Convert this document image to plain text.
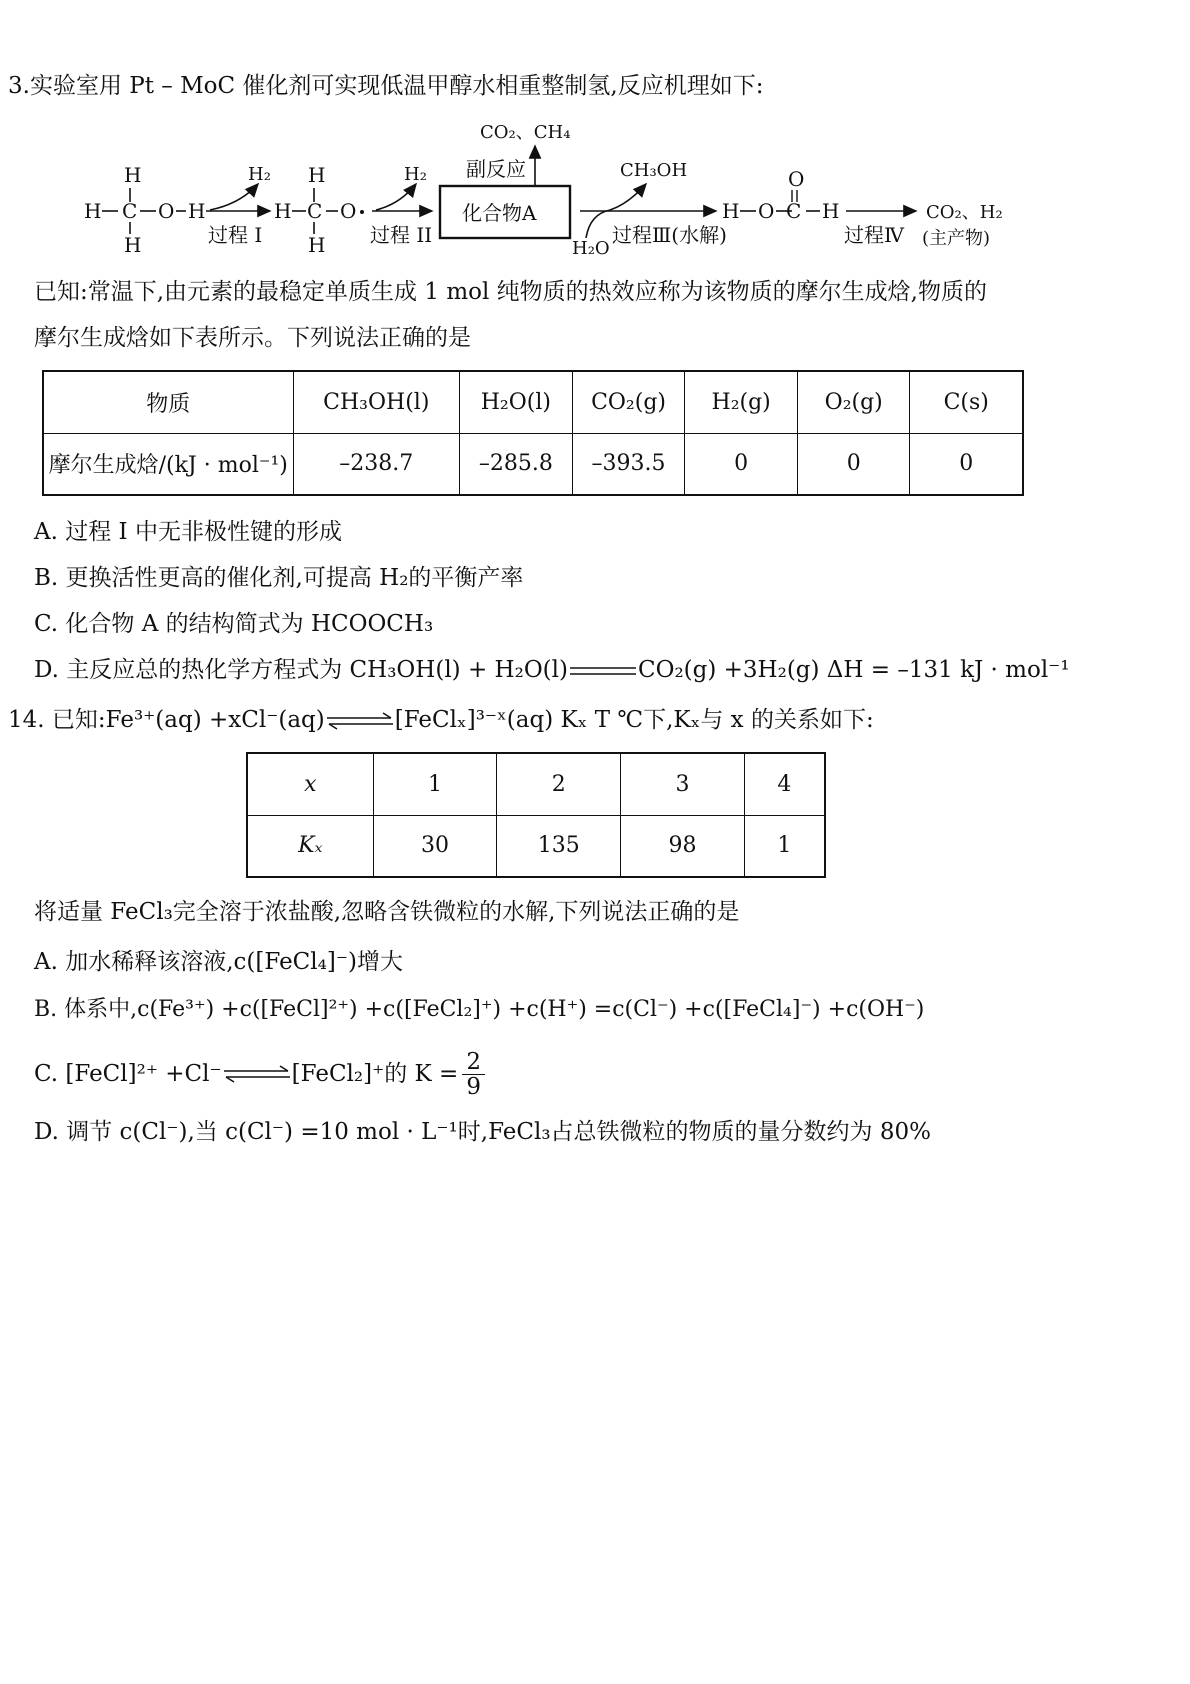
3.实验室用 Pt – MoC 催化剂可实现低温甲醇水相重整制氢,反应机理如下:
H
H C O H
H
H₂
过程 I
H
H
C O
H
H₂
过程 II
化合物A
CO₂、CH₄
副反应	CH₃OH
H₂O
过程Ⅲ(水解)
H O
O
C H
过程Ⅳ
CO₂、H₂
(主产物)
已知:常温下,由元素的最稳定单质生成 1 mol 纯物质的热效应称为该物质的摩尔生成焓,物质的
摩尔生成焓如下表所示。下列说法正确的是
物质	CH₃OH(l)	H₂O(l)	CO₂(g)	H₂(g)	O₂(g)	C(s)
摩尔生成焓/(kJ · mol⁻¹)	–238.7	–285.8	–393.5	0	0	0
A. 过程 I 中无非极性键的形成
B. 更换活性更高的催化剂,可提高 H₂的平衡产率
C. 化合物 A 的结构简式为 HCOOCH₃
D. 主反应总的热化学方程式为 CH₃OH(l) + H₂O(l)	CO₂(g) +3H₂(g) ΔH = –131 kJ · mol⁻¹
14. 已知:Fe³⁺(aq) +xCl⁻(aq)⇌[FeClₓ]³⁻ˣ(aq) Kₓ T ℃下,Kₓ与 x 的关系如下:
x	1	2	3	4
Kₓ	30	135	98	1
将适量 FeCl₃完全溶于浓盐酸,忽略含铁微粒的水解,下列说法正确的是
A. 加水稀释该溶液,c([FeCl₄]⁻)增大
B. 体系中,c(Fe³⁺) +c([FeCl]²⁺) +c([FeCl₂]⁺) +c(H⁺) =c(Cl⁻) +c([FeCl₄]⁻) +c(OH⁻)
C. [FeCl]²⁺ +Cl⁻ ⇌ [FeCl₂]⁺的 $K = \frac{2}{9}$
D. 调节 c(Cl⁻),当 c(Cl⁻) =10 mol · L⁻¹时,FeCl₃占总铁微粒的物质的量分数约为 80%
